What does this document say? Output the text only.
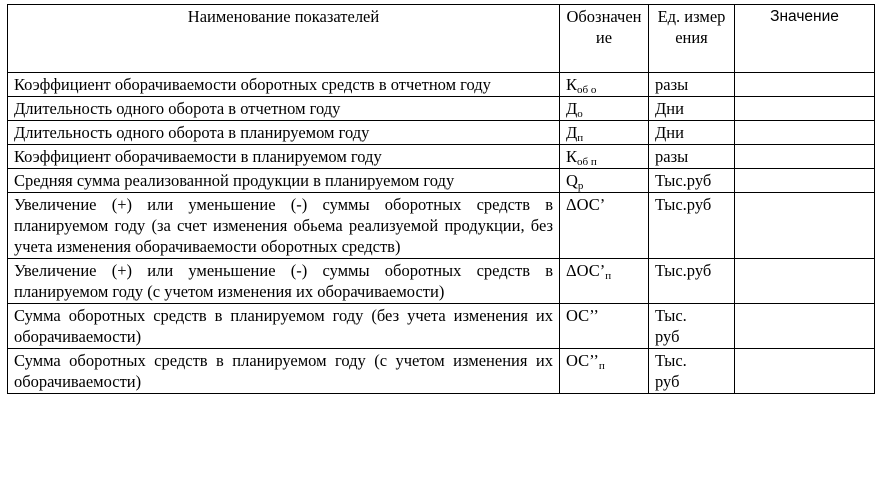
Наименование показателей	Обозначение	Ед. измерения	Значение
Коэффициент оборачиваемости оборотных средств в отчетном году	$К_{об о}$	разы	
Длительность одного оборота в отчетном году	$Д_о$	Дни	
Длительность одного оборота в планируемом году	$Д_п$	Дни	
Коэффициент оборачиваемости в планируемом году	$К_{об п}$	разы	
Средняя сумма реализованной продукции в планируемом году	$Q_р$	Тыс.руб	
Увеличение (+) или уменьшение (-) суммы оборотных средств в планируемом году (за счет изменения обьема реализуемой продукции, без учета изменения оборачиваемости оборотных средств)	ΔОС’	Тыс.руб	
Увеличение (+) или уменьшение (-) суммы оборотных средств в планируемом году (с учетом изменения их оборачиваемости)	$\Delta ОС’_п$	Тыс.руб	
Сумма оборотных средств в планируемом году (без учета изменения их оборачиваемости)	ОС’’	Тыс. руб	
Сумма оборотных средств в планируемом году (с учетом изменения их оборачиваемости)	$ОС’’_п$	Тыс. руб	
